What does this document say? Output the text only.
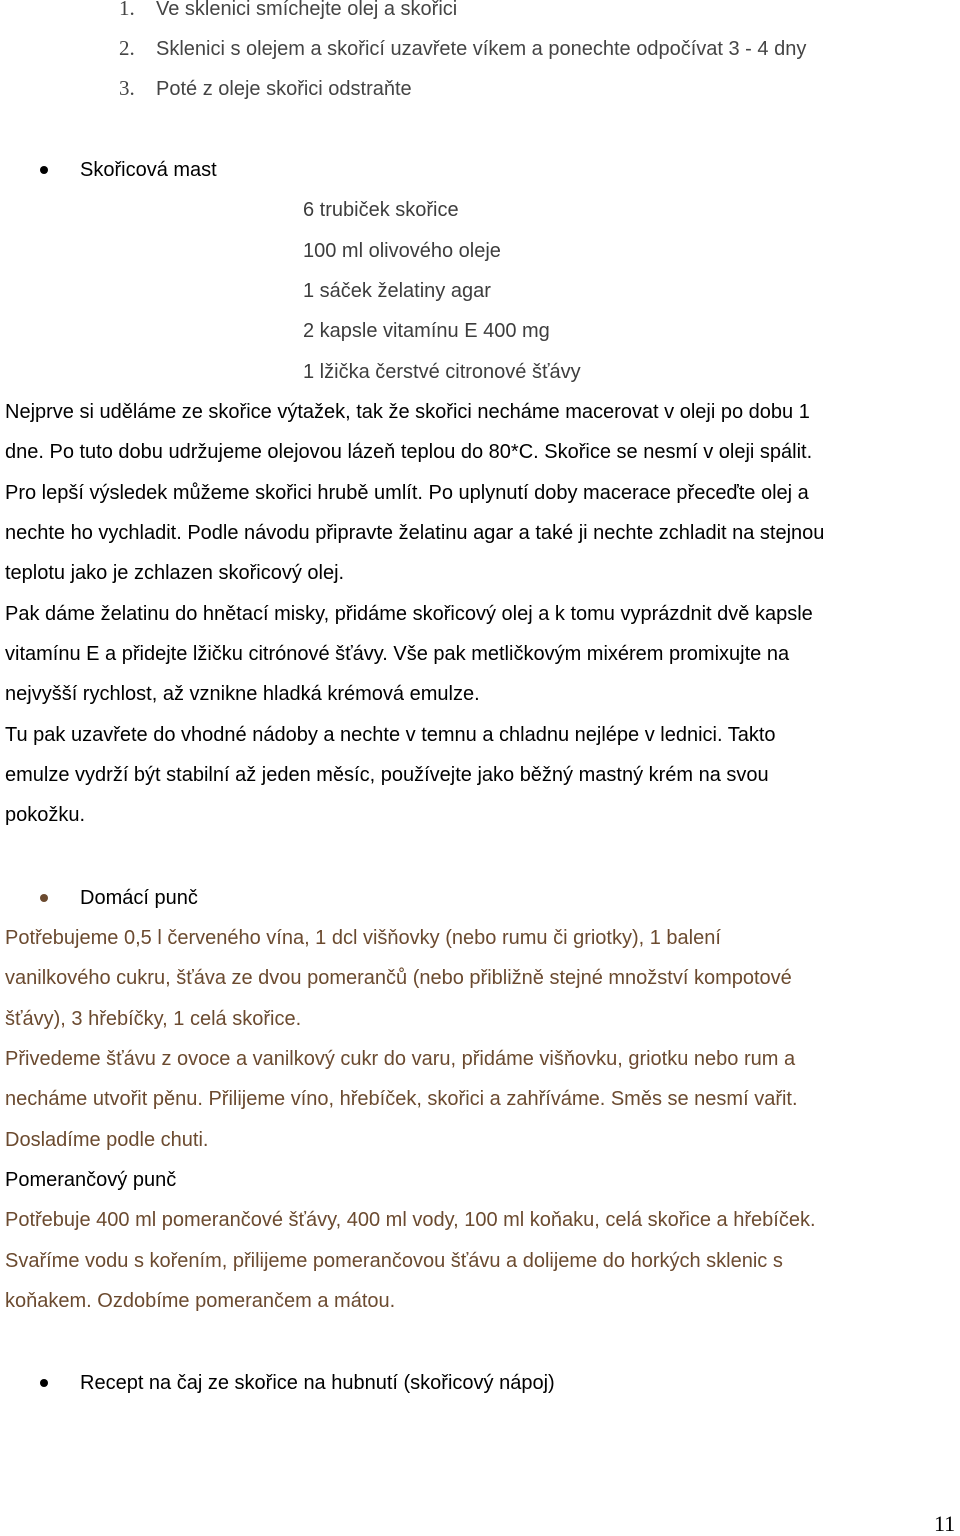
1. Ve sklenici smíchejte olej a skořici
2. Sklenici s olejem a skořicí uzavřete víkem a ponechte odpočívat 3 - 4 dny
3. Poté z oleje skořici odstraňte
Skořicová mast
6 trubiček skořice
100 ml olivového oleje
1 sáček želatiny agar
2 kapsle vitamínu E 400 mg
1 lžička čerstvé citronové šťávy
Nejprve si uděláme ze skořice výtažek, tak že skořici necháme macerovat v oleji po dobu 1
dne. Po tuto dobu udržujeme olejovou lázeň teplou do 80*C. Skořice se nesmí v oleji spálit.
Pro lepší výsledek můžeme skořici hrubě umlít. Po uplynutí doby macerace přeceďte olej a
nechte ho vychladit. Podle návodu připravte želatinu agar a také ji nechte zchladit na stejnou
teplotu jako je zchlazen skořicový olej.
Pak dáme želatinu do hnětací misky, přidáme skořicový olej a k tomu vyprázdnit dvě kapsle
vitamínu E a přidejte lžičku citrónové šťávy. Vše pak metličkovým mixérem promixujte na
nejvyšší rychlost, až vznikne hladká krémová emulze.
Tu pak uzavřete do vhodné nádoby a nechte v temnu a chladnu nejlépe v lednici. Takto
emulze vydrží být stabilní až jeden měsíc, používejte jako běžný mastný krém na svou
pokožku.
Domácí punč
Potřebujeme 0,5 l červeného vína, 1 dcl višňovky (nebo rumu či griotky), 1 balení
vanilkového cukru, šťáva ze dvou pomerančů (nebo přibližně stejné množství kompotové
šťávy), 3 hřebíčky, 1 celá skořice.
Přivedeme šťávu z ovoce a vanilkový cukr do varu, přidáme višňovku, griotku nebo rum a
necháme utvořit pěnu. Přilijeme víno, hřebíček, skořici a zahříváme. Směs se nesmí vařit.
Dosladíme podle chuti.
Pomerančový punč
Potřebuje 400 ml pomerančové šťávy, 400 ml vody, 100 ml koňaku, celá skořice a hřebíček.
Svaříme vodu s kořením, přilijeme pomerančovou šťávu a dolijeme do horkých sklenic s
koňakem. Ozdobíme pomerančem a mátou.
Recept na čaj ze skořice na hubnutí (skořicový nápoj)
11
